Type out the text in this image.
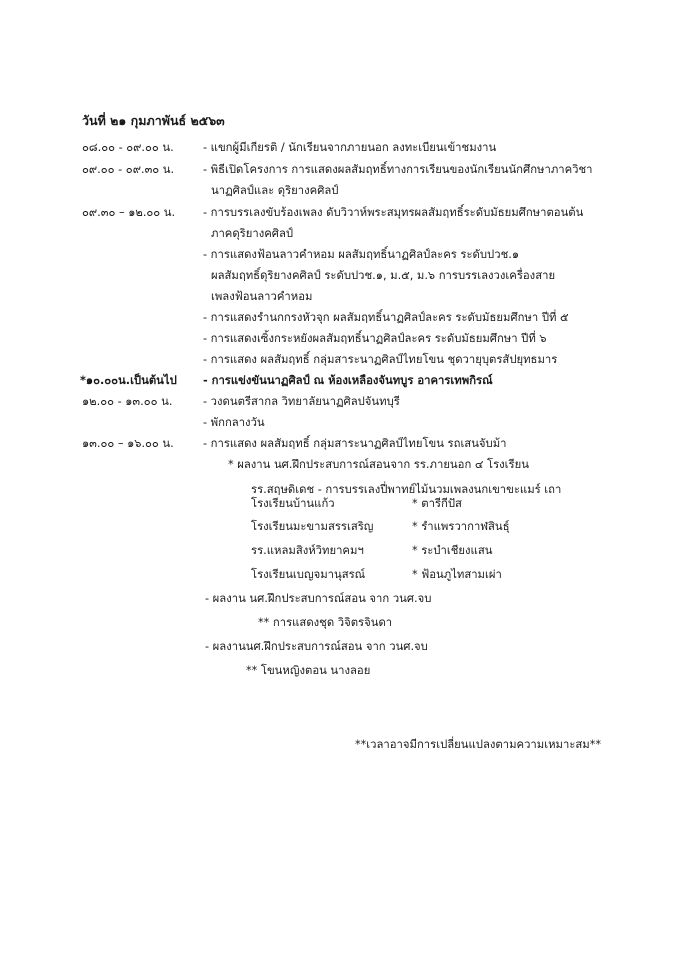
วันที่ ๒๑ กุมภาพันธ์ ๒๕๖๓
๐๘.๐๐ - ๐๙.๐๐ น.	- แขกผู้มีเกียรติ / นักเรียนจากภายนอก ลงทะเบียนเข้าชมงาน
๐๙.๐๐ - ๐๙.๓๐ น.	- พิธีเปิดโครงการ การแสดงผลสัมฤทธิ์ทางการเรียนของนักเรียนนักศึกษาภาควิชา
นาฏศิลป์และ ดุริยางคศิลป์
๐๙.๓๐ – ๑๒.๐๐ น. - การบรรเลงขับร้องเพลง ดับวิวาห์พระสมุทรผลสัมฤทธิ์ระดับมัธยมศึกษาตอนต้น
ภาคดุริยางคศิลป์
- การแสดงฟ้อนลาวคำหอม ผลสัมฤทธิ์นาฏศิลป์ละคร ระดับปวช.๑
ผลสัมฤทธิ์ดุริยางคศิลป์ ระดับปวช.๑, ม.๕, ม.๖ การบรรเลงวงเครื่องสาย
เพลงฟ้อนลาวคำหอม
- การแสดงรำนกกรงหัวจุก ผลสัมฤทธิ์นาฏศิลป์ละคร ระดับมัธยมศึกษา ปีที่ ๕
- การแสดงเซิ้งกระหยังผลสัมฤทธิ์นาฏศิลป์ละคร ระดับมัธยมศึกษา ปีที่ ๖
- การแสดง ผลสัมฤทธิ์ กลุ่มสาระนาฏศิลป์ไทยโขน ชุดวายุบุตรสัปยุทธมาร
*๑๐.๐๐น.เป็นต้นไป - การแข่งขันนาฏศิลป์ ณ ห้องเหลืองจันทบูร อาคารเทพกิรณ์
๑๒.๐๐ - ๑๓.๐๐ น.	- วงดนตรีสากล วิทยาลัยนาฏศิลปจันทบุรี
- พักกลางวัน
๑๓.๐๐ – ๑๖.๐๐ น.	- การแสดง ผลสัมฤทธิ์ กลุ่มสาระนาฏศิลป์ไทยโขน รถเสนจับม้า
* ผลงาน นศ.ฝึกประสบการณ์สอนจาก รร.ภายนอก ๔ โรงเรียน
รร.สฤษดิเดช - การบรรเลงปี่พาทย์ไม้นวมเพลงนกเขาขะแมร์ เถา
โรงเรียนบ้านแก้ว	* ตารีกีปัส
โรงเรียนมะขามสรรเสริญ	* รำแพรวากาฬสินธุ์
รร.แหลมสิงห์วิทยาคมฯ	* ระบำเชียงแสน
โรงเรียนเบญจมานุสรณ์	* ฟ้อนภูไทสามเผ่า
- ผลงาน นศ.ฝึกประสบการณ์สอน จาก วนศ.จบ
** การแสดงชุด วิจิตรจินดา
- ผลงานนศ.ฝึกประสบการณ์สอน จาก วนศ.จบ
** โขนหญิงตอน นางลอย
**เวลาอาจมีการเปลี่ยนแปลงตามความเหมาะสม**
